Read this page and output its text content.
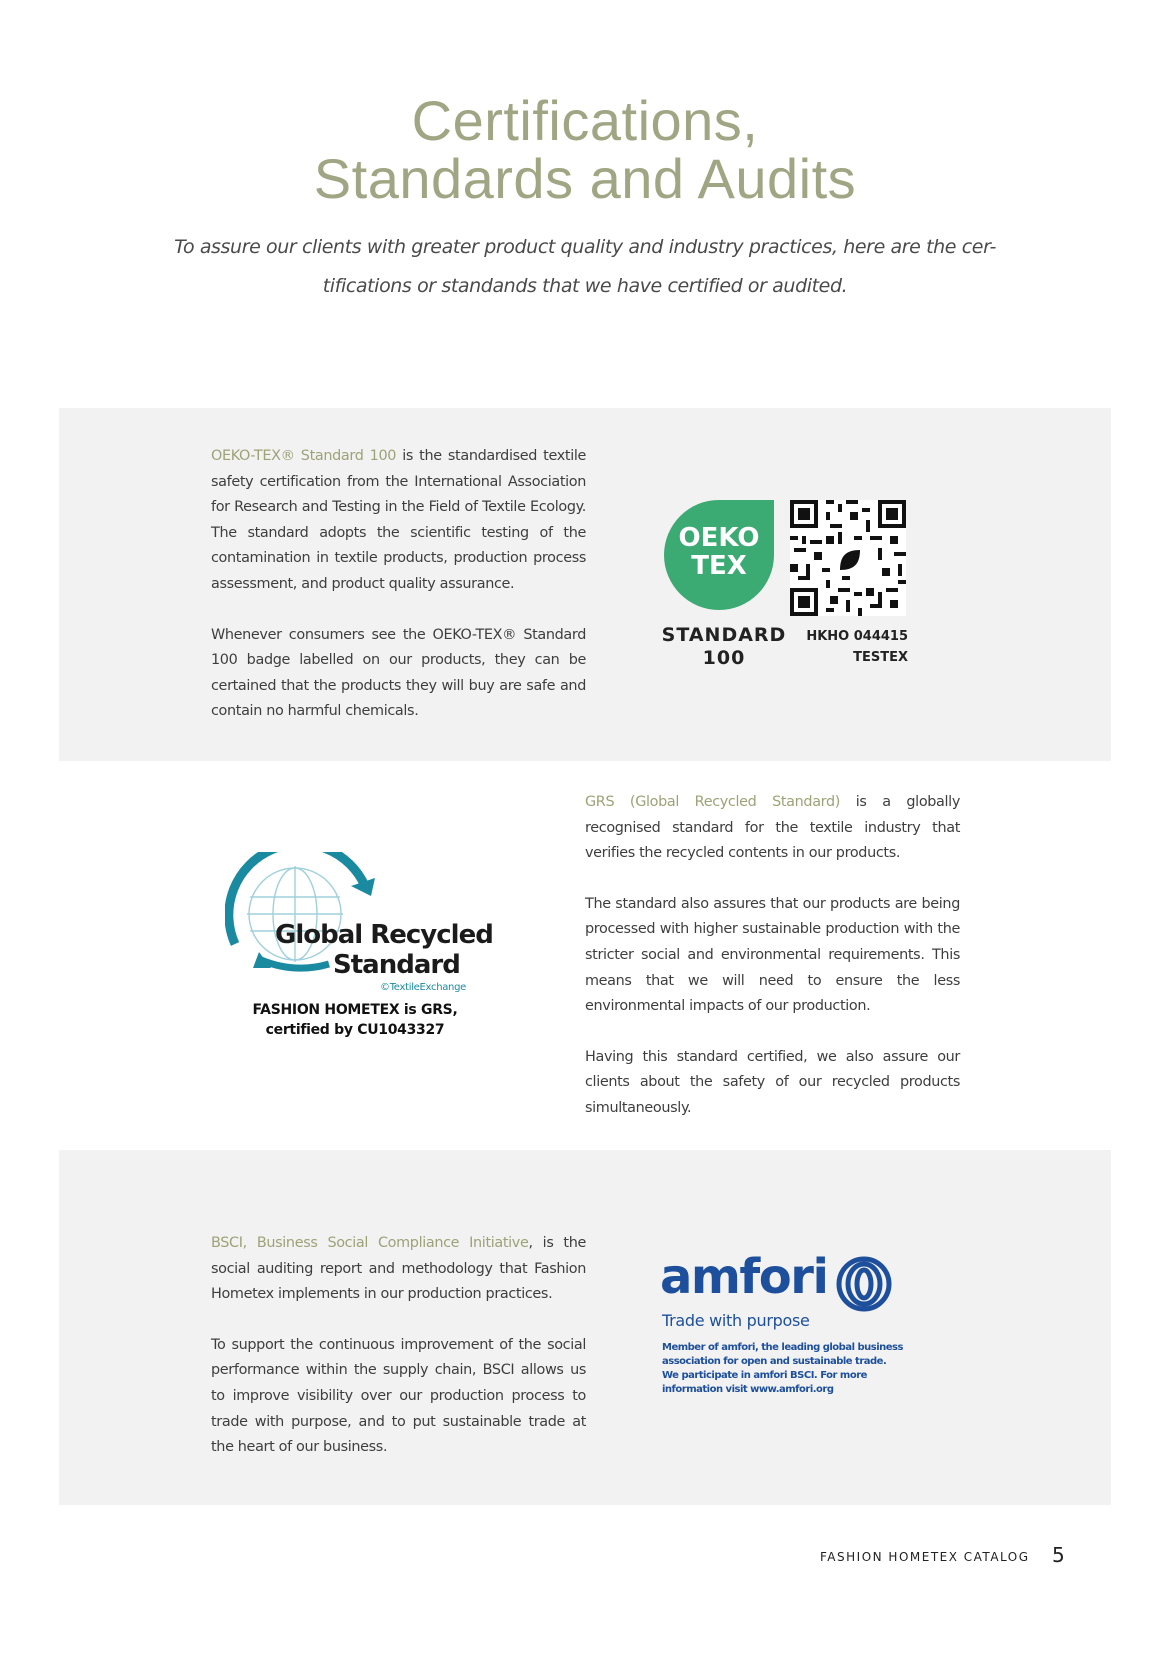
Certifications,
Standards and Audits
To assure our clients with greater product quality and industry practices, here are the cer-
tifications or standands that we have certified or audited.

OEKO-TEX® Standard 100 is the standardised textile safety certification from the International Association for Research and Testing in the Field of Textile Ecology. The standard adopts the scientific testing of the contamination in textile products, production process assessment, and product quality assurance.

Whenever consumers see the OEKO-TEX® Standard 100 badge labelled on our products, they can be certained that the products they will buy are safe and contain no harmful chemicals.

OEKO
TEX
STANDARD
100
HKHO 044415
TESTEX
Global Recycled
Standard
©TextileExchange
FASHION HOMETEX is GRS,
certified by CU1043327

GRS (Global Recycled Standard) is a globally recognised standard for the textile industry that verifies the recycled contents in our products.

The standard also assures that our products are being processed with higher sustainable production with the stricter social and environmental requirements. This means that we will need to ensure the less environmental impacts of our production.

Having this standard certified, we also assure our clients about the safety of our recycled products simultaneously.

BSCI, Business Social Compliance Initiative, is the social auditing report and methodology that Fashion Hometex implements in our production practices.

To support the continuous improvement of the social performance within the supply chain, BSCI allows us to improve visibility over our production process to trade with purpose, and to put sustainable trade at the heart of our business.

amfori
Trade with purpose
Member of amfori, the leading global business
association for open and sustainable trade.
We participate in amfori BSCI. For more
information visit www.amfori.org
FASHION HOMETEX CATALOG 5
